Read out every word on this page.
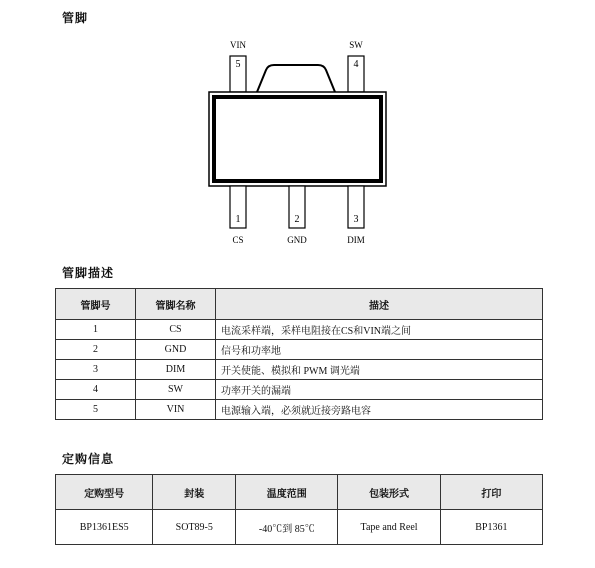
管脚
VIN
5
SW
4
1
CS
2
GND
3
DIM
管脚描述
管脚号	管脚名称	描述
1	CS	电流采样端，采样电阻接在CS和VIN端之间
2	GND	信号和功率地
3	DIM	开关使能、模拟和 PWM 调光端
4	SW	功率开关的漏端
5	VIN	电源输入端，必须就近接旁路电容
定购信息
定购型号	封装	温度范围	包装形式	打印
BP1361ES5	SOT89-5	-40℃到 85℃	Tape and Reel	BP1361
